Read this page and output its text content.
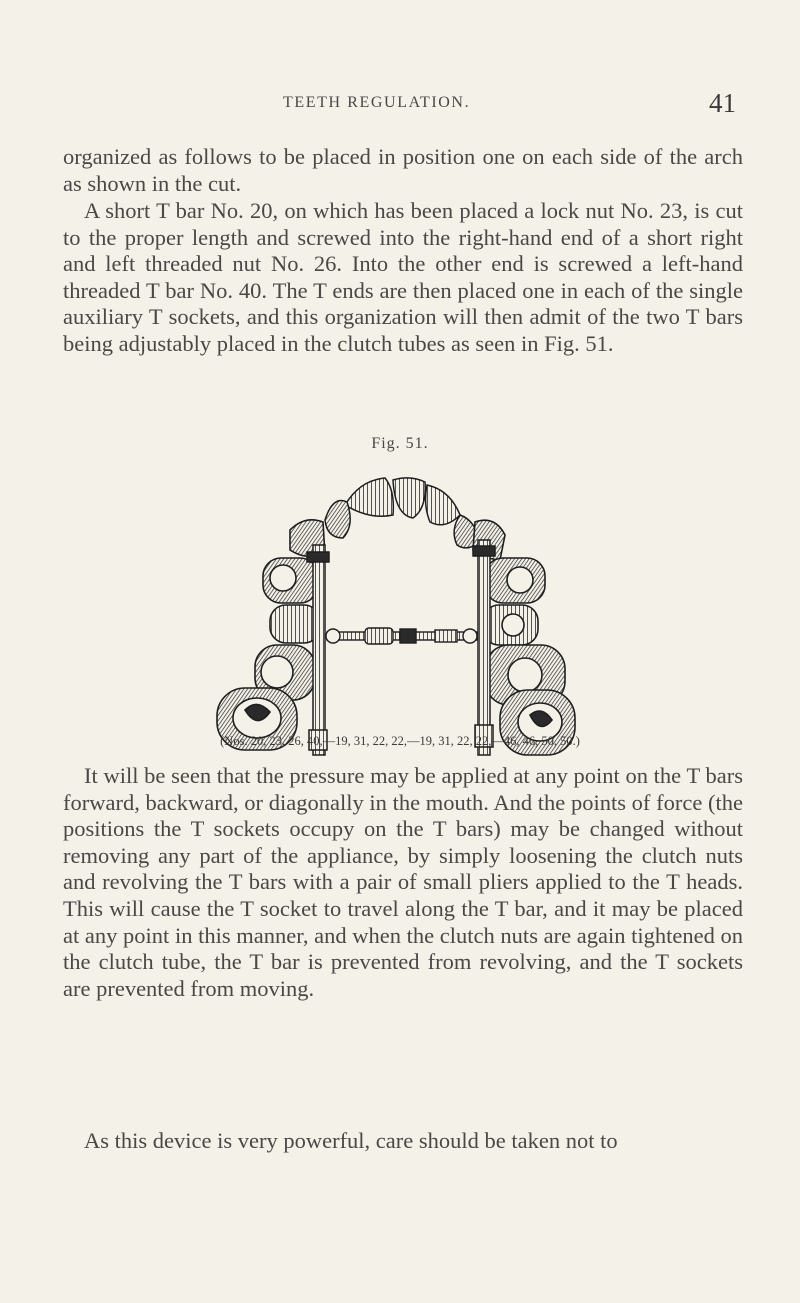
TEETH REGULATION.	41

organized as follows to be placed in position one on each side of the arch as shown in the cut.

A short T bar No. 20, on which has been placed a lock nut No. 23, is cut to the proper length and screwed into the right-hand end of a short right and left threaded nut No. 26. Into the other end is screwed a left-hand threaded T bar No. 40. The T ends are then placed one in each of the single auxiliary T sockets, and this organization will then admit of the two T bars being adjustably placed in the clutch tubes as seen in Fig. 51.

Fig. 51.
(Nos. 20, 23, 26, 40,—19, 31, 22, 22,—19, 31, 22, 22,—46, 46, 50, 50.)

It will be seen that the pressure may be applied at any point on the T bars forward, backward, or diagonally in the mouth. And the points of force (the positions the T sockets occupy on the T bars) may be changed without removing any part of the appliance, by simply loosening the clutch nuts and revolving the T bars with a pair of small pliers applied to the T heads. This will cause the T socket to travel along the T bar, and it may be placed at any point in this manner, and when the clutch nuts are again tightened on the clutch tube, the T bar is prevented from revolving, and the T sockets are prevented from moving.

As this device is very powerful, care should be taken not to
